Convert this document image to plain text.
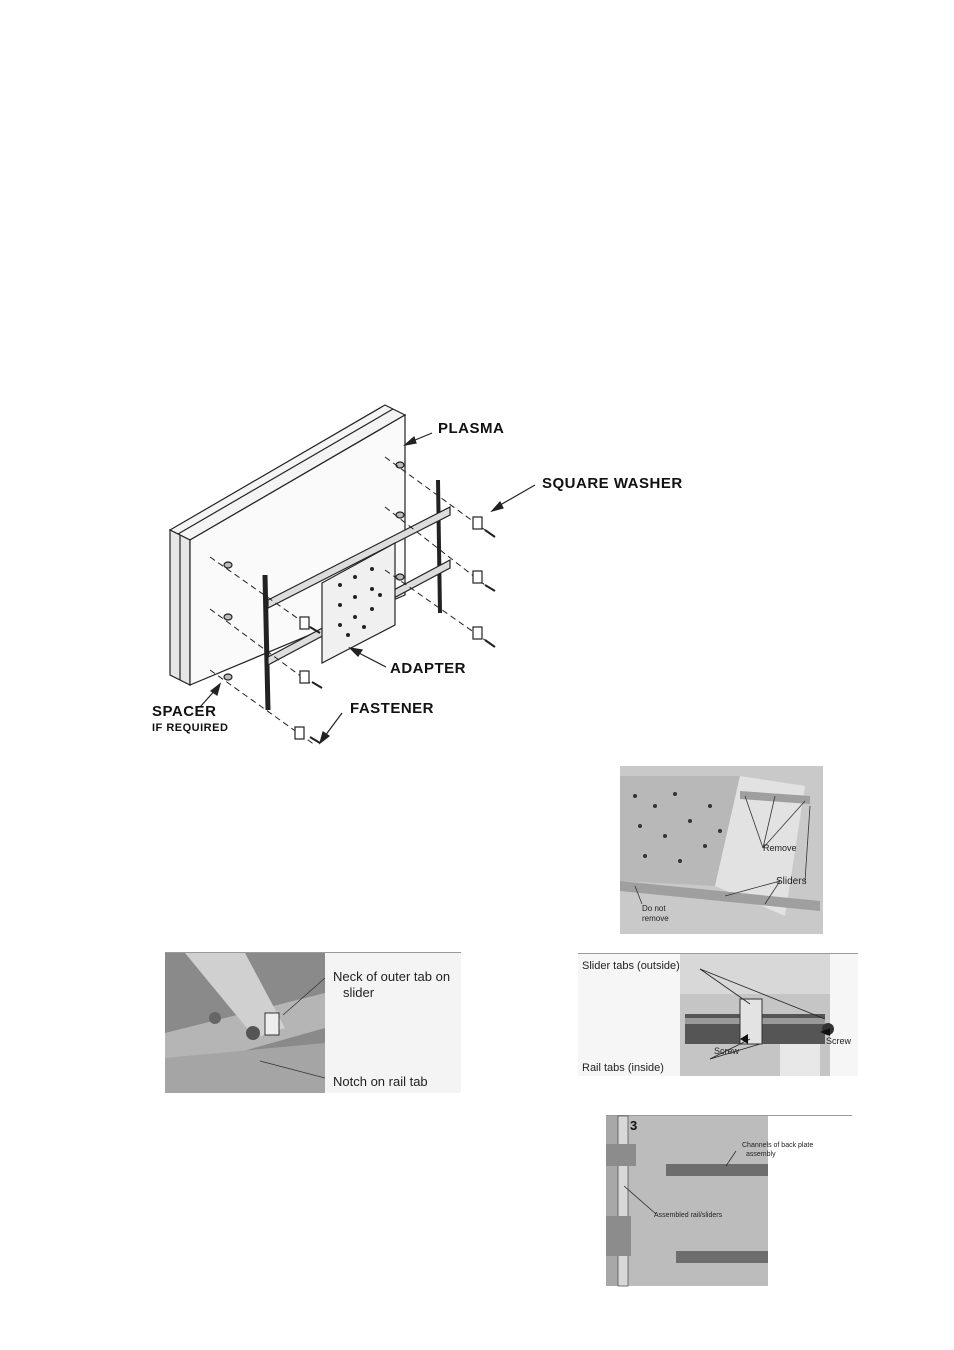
PLASMA
SQUARE WASHER
ADAPTER
FASTENER
SPACER
IF REQUIRED
Remove
Sliders
Do not
remove
Neck of outer tab on
slider
Notch on rail tab
Slider tabs (outside)
Rail tabs (inside)
Screw
Screw
3
Channels of back plate
assembly
Assembled rail/sliders
